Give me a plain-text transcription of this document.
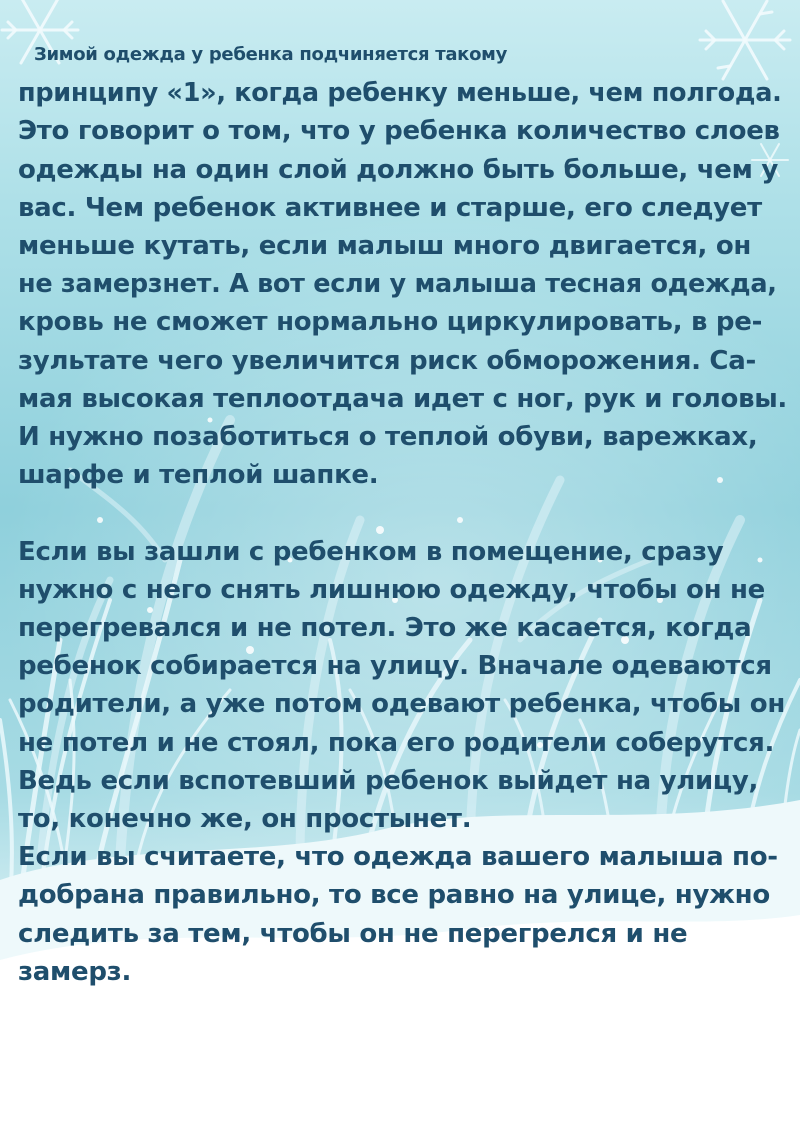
Зимой одежда у ребенка подчиняется такому

принципу «1», когда ребенку меньше, чем полгода.

Это говорит о том, что у ребенка количество слоев

одежды на один слой должно быть больше, чем у

вас. Чем ребенок активнее и старше, его следует

меньше кутать, если малыш много двигается, он

не замерзнет. А вот если у малыша тесная одежда,

кровь не сможет нормально циркулировать, в ре-

зультате чего увеличится риск обморожения. Са-

мая высокая теплоотдача идет с ног, рук и головы.

И нужно позаботиться о теплой обуви, варежках,

шарфе и теплой шапке.

Если вы зашли с ребенком в помещение, сразу

нужно с него снять лишнюю одежду, чтобы он не

перегревался и не потел. Это же касается, когда

ребенок собирается на улицу. Вначале одеваются

родители, а уже потом одевают ребенка, чтобы он

не потел и не стоял, пока его родители соберутся.

Ведь если вспотевший ребенок выйдет на улицу,

то, конечно же, он простынет.

Если вы считаете, что одежда вашего малыша по-

добрана правильно, то все равно на улице, нужно

следить за тем, чтобы он не перегрелся и не

замерз.
